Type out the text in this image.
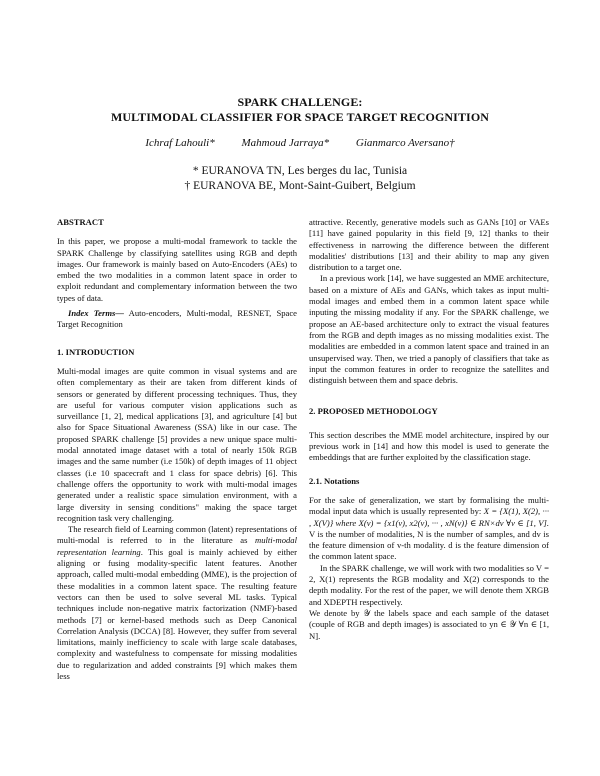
SPARK CHALLENGE:
MULTIMODAL CLASSIFIER FOR SPACE TARGET RECOGNITION
Ichraf Lahouli* Mahmoud Jarraya* Gianmarco Aversano†
* EURANOVA TN, Les berges du lac, Tunisia
† EURANOVA BE, Mont-Saint-Guibert, Belgium

ABSTRACT

In this paper, we propose a multi-modal framework to tackle the SPARK Challenge by classifying satellites using RGB and depth images. Our framework is mainly based on Auto-Encoders (AEs) to embed the two modalities in a common latent space in order to exploit redundant and complementary information between the two types of data.

Index Terms— Auto-encoders, Multi-modal, RESNET, Space Target Recognition

1. INTRODUCTION

Multi-modal images are quite common in visual systems and are often complementary as their are taken from different kinds of sensors or generated by different processing techniques. Thus, they are useful for various computer vision applications such as surveillance [1, 2], medical applications [3], and agriculture [4] but also for Space Situational Awareness (SSA) like in our case. The proposed SPARK challenge [5] provides a new unique space multi-modal annotated image dataset with a total of nearly 150k RGB images and the same number (i.e 150k) of depth images of 11 object classes (i.e 10 spacecraft and 1 class for space debris) [6]. This challenge offers the opportunity to work with multi-modal images generated under a realistic space simulation environment, with a large diversity in sensing conditions" making the space target recognition task very challenging.

The research field of Learning common (latent) representations of multi-modal is referred to in the literature as multi-modal representation learning. This goal is mainly achieved by either aligning or fusing modality-specific latent features. Another approach, called multi-modal embedding (MME), is the projection of these modalities in a common latent space. The resulting feature vectors can then be used to solve several ML tasks. Typical techniques include non-negative matrix factorization (NMF)-based methods [7] or kernel-based methods such as Deep Canonical Correlation Analysis (DCCA) [8]. However, they suffer from several limitations, mainly inefficiency to scale with large scale databases, complexity and wastefulness to compensate for missing modalities due to regularization and added constraints [9] which makes them less

attractive. Recently, generative models such as GANs [10] or VAEs [11] have gained popularity in this field [9, 12] thanks to their effectiveness in narrowing the difference between the different modalities' distributions [13] and their ability to map any given distribution to a target one.

In a previous work [14], we have suggested an MME architecture, based on a mixture of AEs and GANs, which takes as input multi-modal images and embed them in a common latent space while inputing the missing modality if any. For the SPARK challenge, we propose an AE-based architecture only to extract the visual features from the RGB and depth images as no missing modalities exist. The modalities are embedded in a common latent space and trained in an unsupervised way. Then, we tried a panoply of classifiers that take as input the common features in order to recognize the satellites and distinguish between them and space debris.

2. PROPOSED METHODOLOGY

This section describes the MME model architecture, inspired by our previous work in [14] and how this model is used to generate the embeddings that are further exploited by the classification stage.

2.1. Notations

For the sake of generalization, we start by formalising the multi-modal input data which is usually represented by: X = {X(1), X(2), ··· , X(V)} where X(v) = {x1(v), x2(v), ··· , xN(v)} ∈ RN×dv ∀v ∈ [1, V]. V is the number of modalities, N is the number of samples, and dv is the feature dimension of v-th modality. d is the feature dimension of the common latent space.

In the SPARK challenge, we will work with two modalities so V = 2, X(1) represents the RGB modality and X(2) corresponds to the depth modality. For the rest of the paper, we will denote them XRGB and XDEPTH respectively.

We denote by 𝒴 the labels space and each sample of the dataset (couple of RGB and depth images) is associated to yn ∈ 𝒴 ∀n ∈ [1, N].
